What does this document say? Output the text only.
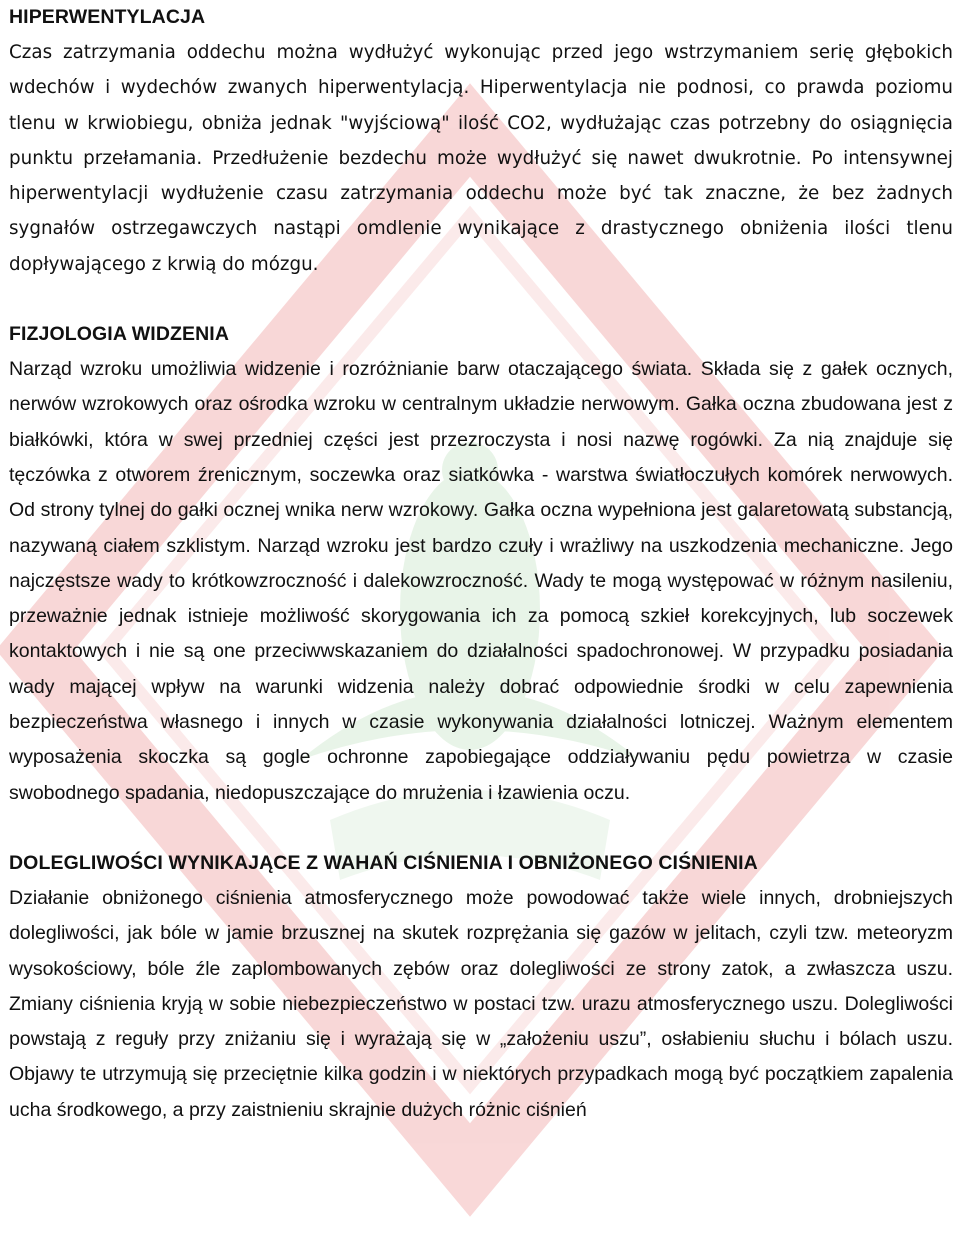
HIPERWENTYLACJA

Czas zatrzymania oddechu można wydłużyć wykonując przed jego wstrzymaniem serię głębokich wdechów i wydechów zwanych hiperwentylacją. Hiperwentylacja nie podnosi, co prawda poziomu tlenu w krwiobiegu, obniża jednak "wyjściową" ilość CO2, wydłużając czas potrzebny do osiągnięcia punktu przełamania. Przedłużenie bezdechu może wydłużyć się nawet dwukrotnie. Po intensywnej hiperwentylacji wydłużenie czasu zatrzymania oddechu może być tak znaczne, że bez żadnych sygnałów ostrzegawczych nastąpi omdlenie wynikające z drastycznego obniżenia ilości tlenu dopływającego z krwią do mózgu.

FIZJOLOGIA WIDZENIA

Narząd wzroku umożliwia widzenie i rozróżnianie barw otaczającego świata. Składa się z gałek ocznych, nerwów wzrokowych oraz ośrodka wzroku w centralnym układzie nerwowym. Gałka oczna zbudowana jest z białkówki, która w swej przedniej części jest przezroczysta i nosi nazwę rogówki. Za nią znajduje się tęczówka z otworem źrenicznym, soczewka oraz siatkówka - warstwa światłoczułych komórek nerwowych. Od strony tylnej do gałki ocznej wnika nerw wzrokowy. Gałka oczna wypełniona jest galaretowatą substancją, nazywaną ciałem szklistym. Narząd wzroku jest bardzo czuły i wrażliwy na uszkodzenia mechaniczne. Jego najczęstsze wady to krótkowzroczność i dalekowzroczność. Wady te mogą występować w różnym nasileniu, przeważnie jednak istnieje możliwość skorygowania ich za pomocą szkieł korekcyjnych, lub soczewek kontaktowych i nie są one przeciwwskazaniem do działalności spadochronowej. W przypadku posiadania wady mającej wpływ na warunki widzenia należy dobrać odpowiednie środki w celu zapewnienia bezpieczeństwa własnego i innych w czasie wykonywania działalności lotniczej. Ważnym elementem wyposażenia skoczka są gogle ochronne zapobiegające oddziaływaniu pędu powietrza w czasie swobodnego spadania, niedopuszczające do mrużenia i łzawienia oczu.

DOLEGLIWOŚCI WYNIKAJĄCE Z WAHAŃ CIŚNIENIA I OBNIŻONEGO CIŚNIENIA

Działanie obniżonego ciśnienia atmosferycznego może powodować także wiele innych, drobniejszych dolegliwości, jak bóle w jamie brzusznej na skutek rozprężania się gazów w jelitach, czyli tzw. meteoryzm wysokościowy, bóle źle zaplombowanych zębów oraz dolegliwości ze strony zatok, a zwłaszcza uszu. Zmiany ciśnienia kryją w sobie niebezpieczeństwo w postaci tzw. urazu atmosferycznego uszu. Dolegliwości powstają z reguły przy zniżaniu się i wyrażają się w „założeniu uszu”, osłabieniu słuchu i bólach uszu. Objawy te utrzymują się przeciętnie kilka godzin i w niektórych przypadkach mogą być początkiem zapalenia ucha środkowego, a przy zaistnieniu skrajnie dużych różnic ciśnień
